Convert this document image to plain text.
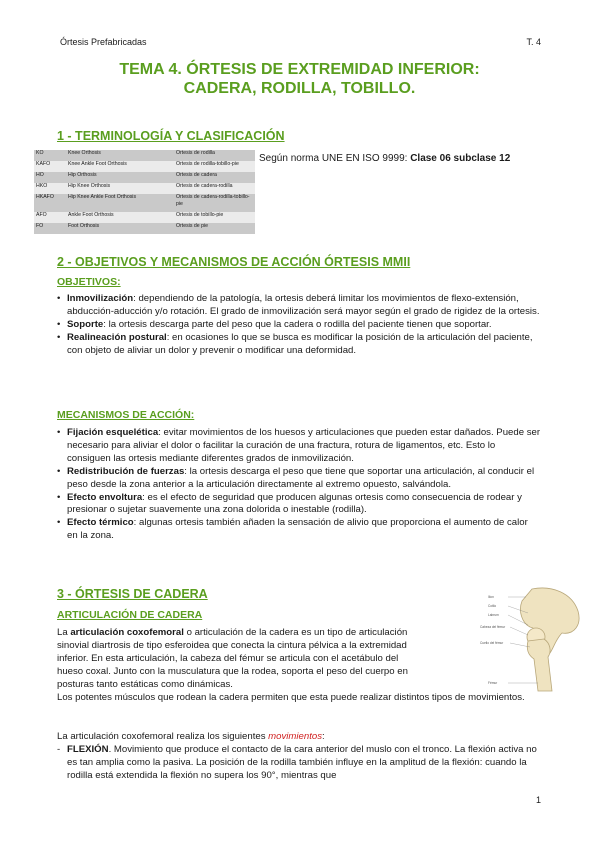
Órtesis Prefabricadas	T. 4
TEMA 4. ÓRTESIS DE EXTREMIDAD INFERIOR:
CADERA, RODILLA, TOBILLO.
1 - TERMINOLOGÍA Y CLASIFICACIÓN
KO	Knee Orthosis	Ortesis de rodilla
KAFO	Knee Ankle Foot Orthosis	Ortesis de rodilla-tobillo-pie
HO	Hip Orthosis	Ortesis de cadera
HKO	Hip Knee Orthosis	Ortesis de cadera-rodilla
HKAFO	Hip Knee Ankle Foot Orthosis	Ortesis de cadera-rodilla-tobillo-pie
AFO	Ankle Foot Orthosis	Ortesis de tobillo-pie
FO	Foot Orthosis	Ortesis de pie
Según norma UNE EN ISO 9999: Clase 06 subclase 12
2 - OBJETIVOS Y MECANISMOS DE ACCIÓN ÓRTESIS MMII
OBJETIVOS:
• Inmovilización: dependiendo de la patología, la ortesis deberá limitar los movimientos de flexo-extensión, abducción-aducción y/o rotación. El grado de inmovilización será mayor según el grado de rigidez de la ortesis.
• Soporte: la ortesis descarga parte del peso que la cadera o rodilla del paciente tienen que soportar.
• Realineación postural: en ocasiones lo que se busca es modificar la posición de la articulación del paciente, con objeto de aliviar un dolor y prevenir o modificar una deformidad.
MECANISMOS DE ACCIÓN:
• Fijación esquelética: evitar movimientos de los huesos y articulaciones que pueden estar dañados. Puede ser necesario para aliviar el dolor o facilitar la curación de una fractura, rotura de ligamentos, etc. Esto lo consiguen las ortesis mediante diferentes grados de inmovilización.
• Redistribución de fuerzas: la ortesis descarga el peso que tiene que soportar una articulación, al conducir el peso desde la zona anterior a la articulación directamente al extremo opuesto, salvándola.
• Efecto envoltura: es el efecto de seguridad que producen algunas ortesis como consecuencia de rodear y presionar o sujetar suavemente una zona dolorida o inestable (rodilla).
• Efecto térmico: algunas ortesis también añaden la sensación de alivio que proporciona el aumento de calor en la zona.
3 - ÓRTESIS DE CADERA
ARTICULACIÓN DE CADERA
La articulación coxofemoral o articulación de la cadera es un tipo de articulación
sinovial diartrosis de tipo esferoidea que conecta la cintura pélvica a la extremidad
inferior. En esta articulación, la cabeza del fémur se articula con el acetábulo del
hueso coxal. Junto con la musculatura que la rodea, soporta el peso del cuerpo en
posturas tanto estáticas como dinámicas.
Los potentes músculos que rodean la cadera permiten que esta puede realizar distintos tipos de movimientos.
La articulación coxofemoral realiza los siguientes movimientos:
- FLEXIÓN. Movimiento que produce el contacto de la cara anterior del muslo con el tronco. La flexión activa no es tan amplia como la pasiva. La posición de la rodilla también influye en la amplitud de la flexión: cuando la rodilla está extendida la flexión no supera los 90°, mientras que
Ilion
Cotilo
Labrum
Cabeza del fémur
Cuello del fémur
Fémur
1
